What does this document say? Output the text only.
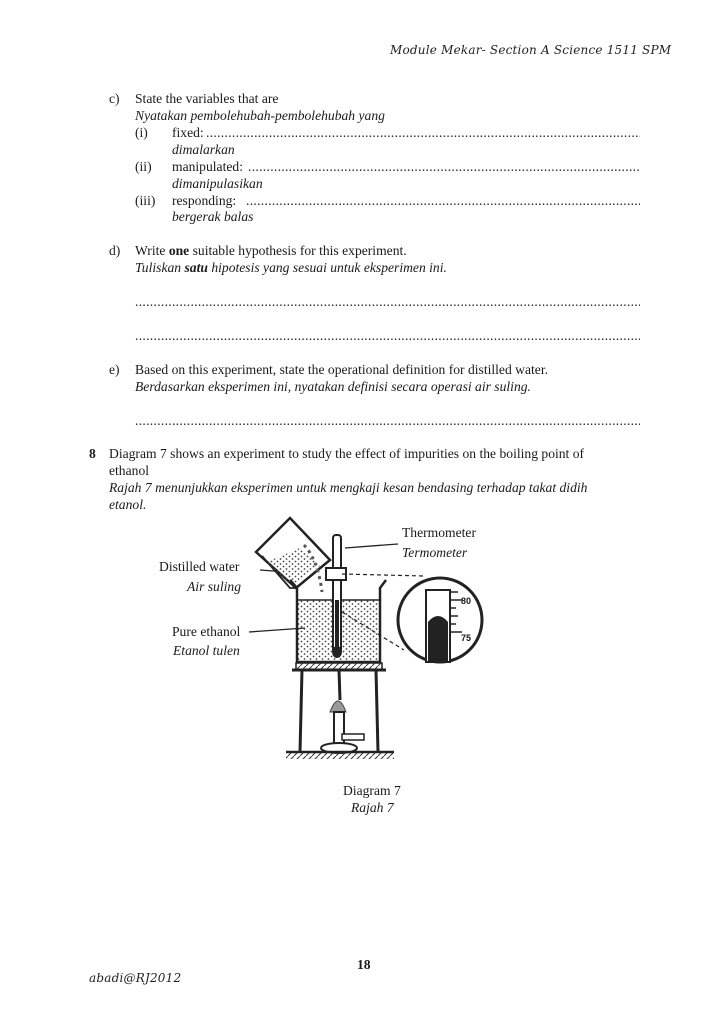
Module Mekar- Section A Science 1511 SPM
c) State the variables that are
Nyatakan pembolehubah-pembolehubah yang
(i) fixed:
.....
dimalarkan
(ii) manipulated:
.....
dimanipulasikan
(iii) responding:
.....
bergerak balas
d) Write one suitable hypothesis for this experiment.
Tuliskan satu hipotesis yang sesuai untuk eksperimen ini.
.....
.....
e) Based on this experiment, state the operational definition for distilled water.
Berdasarkan eksperimen ini, nyatakan definisi secara operasi air suling.
.....
8 Diagram 7 shows an experiment to study the effect of impurities on the boiling point of
ethanol
Rajah 7 menunjukkan eksperimen untuk mengkaji kesan bendasing terhadap takat didih
etanol.
Thermometer
Termometer
Distilled water
Air suling
Pure ethanol
Etanol tulen
80
75
Diagram 7
Rajah 7
18
abadi@RJ2012
